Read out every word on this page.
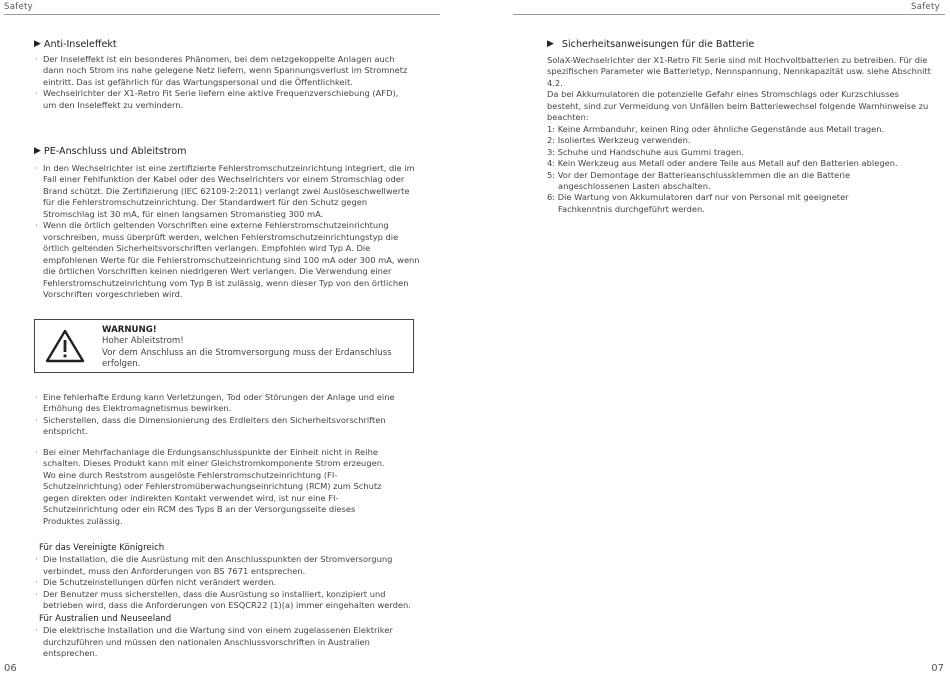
Safety
▶ Anti-Inseleffekt
· Der Inseleffekt ist ein besonderes Phänomen, bei dem netzgekoppelte Anlagen auch dann noch Strom ins nahe gelegene Netz liefern, wenn Spannungsverlust im Stromnetz eintritt. Das ist gefährlich für das Wartungspersonal und die Öffentlichkeit.
· Wechselrichter der X1-Retro Fit Serie liefern eine aktive Frequenzverschiebung (AFD), um den Inseleffekt zu verhindern.
▶ PE-Anschluss und Ableitstrom
· In den Wechselrichter ist eine zertifizierte Fehlerstromschutzeinrichtung integriert, die im Fall einer Fehlfunktion der Kabel oder des Wechselrichters vor einem Stromschlag oder Brand schützt. Die Zertifizierung (IEC 62109-2:2011) verlangt zwei Auslöseschwellwerte für die Fehlerstromschutzeinrichtung. Der Standardwert für den Schutz gegen Stromschlag ist 30 mA, für einen langsamen Stromanstieg 300 mA.
· Wenn die örtlich geltenden Vorschriften eine externe Fehlerstromschutzeinrichtung vorschreiben, muss überprüft werden, welchen Fehlerstromschutzeinrichtungstyp die örtlich geltenden Sicherheitsvorschriften verlangen. Empfohlen wird Typ A. Die empfohlenen Werte für die Fehlerstromschutzeinrichtung sind 100 mA oder 300 mA, wenn die örtlichen Vorschriften keinen niedrigeren Wert verlangen. Die Verwendung einer Fehlerstromschutzeinrichtung vom Typ B ist zulässig, wenn dieser Typ von den örtlichen Vorschriften vorgeschrieben wird.
WARNUNG!
Hoher Ableitstrom!
Vor dem Anschluss an die Stromversorgung muss der Erdanschluss erfolgen.
· Eine fehlerhafte Erdung kann Verletzungen, Tod oder Störungen der Anlage und eine Erhöhung des Elektromagnetismus bewirken.
· Sicherstellen, dass die Dimensionierung des Erdleiters den Sicherheitsvorschriften entspricht.
· Bei einer Mehrfachanlage die Erdungsanschlusspunkte der Einheit nicht in Reihe schalten. Dieses Produkt kann mit einer Gleichstromkomponente Strom erzeugen. Wo eine durch Reststrom ausgelöste Fehlerstromschutzeinrichtung (FI-Schutzeinrichtung) oder Fehlerstromüberwachungseinrichtung (RCM) zum Schutz gegen direkten oder indirekten Kontakt verwendet wird, ist nur eine FI-Schutzeinrichtung oder ein RCM des Typs B an der Versorgungsseite dieses Produktes zulässig.
Für das Vereinigte Königreich
· Die Installation, die die Ausrüstung mit den Anschlusspunkten der Stromversorgung verbindet, muss den Anforderungen von BS 7671 entsprechen.
· Die Schutzeinstellungen dürfen nicht verändert werden.
· Der Benutzer muss sicherstellen, dass die Ausrüstung so installiert, konzipiert und betrieben wird, dass die Anforderungen von ESQCR22 (1)(a) immer eingehalten werden.
Für Australien und Neuseeland
· Die elektrische Installation und die Wartung sind von einem zugelassenen Elektriker durchzuführen und müssen den nationalen Anschlussvorschriften in Australien entsprechen.
06
Safety
▶ Sicherheitsanweisungen für die Batterie
SolaX-Wechselrichter der X1-Retro Fit Serie sind mit Hochvoltbatterien zu betreiben. Für die spezifischen Parameter wie Batterietyp, Nennspannung, Nennkapazität usw. siehe Abschnitt 4.2.
Da bei Akkumulatoren die potenzielle Gefahr eines Stromschlags oder Kurzschlusses besteht, sind zur Vermeidung von Unfällen beim Batteriewechsel folgende Warnhinweise zu beachten:
1: Keine Armbanduhr, keinen Ring oder ähnliche Gegenstände aus Metall tragen.
2: Isoliertes Werkzeug verwenden.
3: Schuhe und Handschuhe aus Gummi tragen.
4: Kein Werkzeug aus Metall oder andere Teile aus Metall auf den Batterien ablegen.
5: Vor der Demontage der Batterieanschlussklemmen die an die Batterie angeschlossenen Lasten abschalten.
6: Die Wartung von Akkumulatoren darf nur von Personal mit geeigneter Fachkenntnis durchgeführt werden.
07
